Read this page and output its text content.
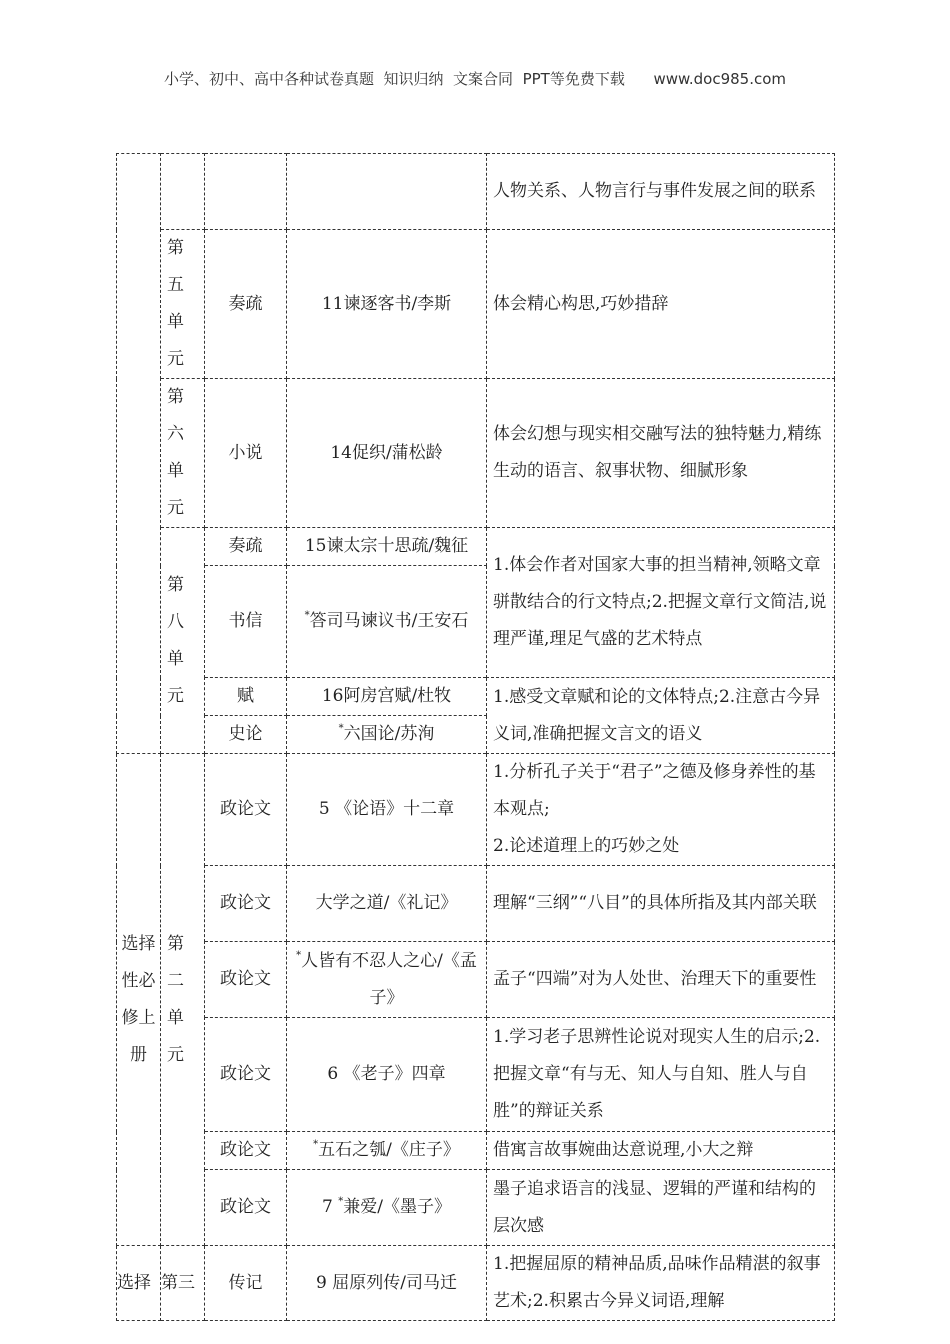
小学、初中、高中各种试卷真题  知识归纳  文案合同  PPT等免费下载      www.doc985.com
				人物关系、人物言行与事件发展之间的联系
	第五单元	奏疏	11谏逐客书/李斯	体会精心构思,巧妙措辞
	第六单元	小说	14促织/蒲松龄	体会幻想与现实相交融写法的独特魅力,精练生动的语言、叙事状物、细腻形象
	第八单元	奏疏	15谏太宗十思疏/魏征	1.体会作者对国家大事的担当精神,领略文章骈散结合的行文特点;2.把握文章行文简洁,说理严谨,理足气盛的艺术特点
		书信	*答司马谏议书/王安石	
		赋	16阿房宫赋/杜牧	1.感受文章赋和论的文体特点;2.注意古今异义词,准确把握文言文的语义
		史论	*六国论/苏洵	
选择性必修上册	第二单元	政论文	5 《论语》十二章	1.分析孔子关于“君子”之德及修身养性的基本观点;
2.论述道理上的巧妙之处

		政论文	大学之道/《礼记》	理解“三纲”“八目”的具体所指及其内部关联
		政论文	*人皆有不忍人之心/《孟子》	孟子“四端”对为人处世、治理天下的重要性
		政论文	6 《老子》四章	1.学习老子思辨性论说对现实人生的启示;2.把握文章“有与无、知人与自知、胜人与自胜”的辩证关系
		政论文	*五石之瓠/《庄子》	借寓言故事婉曲达意说理,小大之辩
		政论文	7 *兼爱/《墨子》	墨子追求语言的浅显、逻辑的严谨和结构的层次感
选择	第三	传记	9 屈原列传/司马迁	1.把握屈原的精神品质,品味作品精湛的叙事艺术;2.积累古今异义词语,理解
